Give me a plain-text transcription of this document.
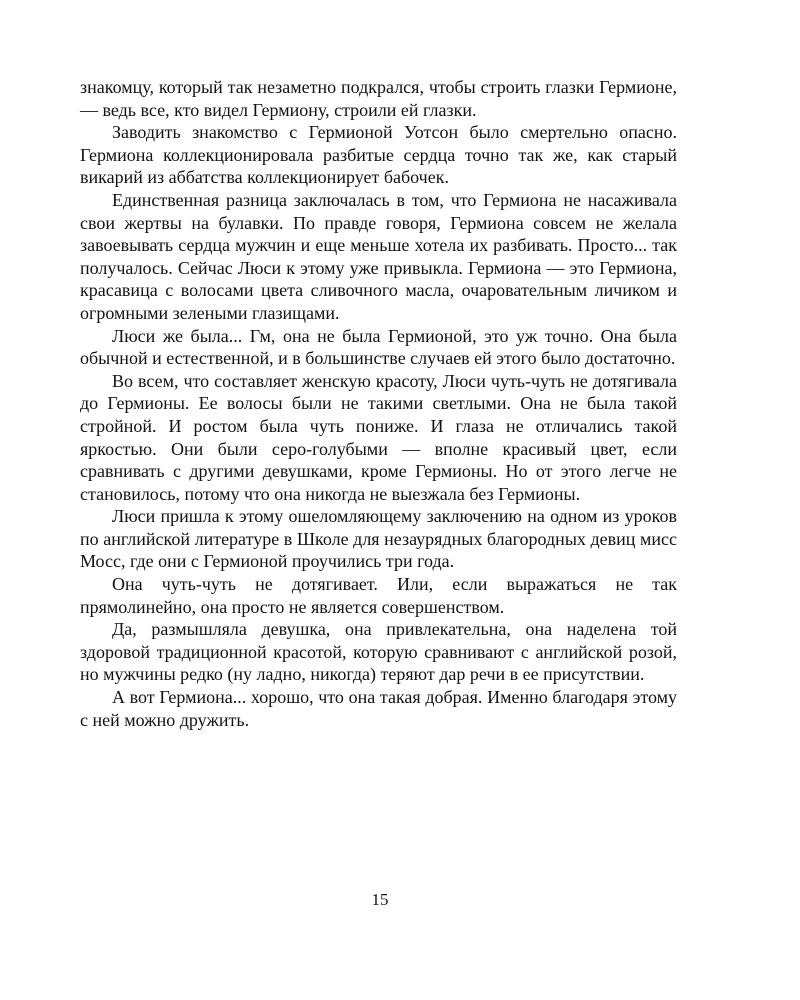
знакомцу, который так незаметно подкрался, чтобы строить глазки Гермионе, — ведь все, кто видел Гермиону, строили ей глазки.

Заводить знакомство с Гермионой Уотсон было смертельно опасно. Гермиона коллекционировала разбитые сердца точно так же, как старый викарий из аббатства коллекционирует бабочек.

Единственная разница заключалась в том, что Гермиона не насаживала свои жертвы на булавки. По правде говоря, Гермиона совсем не желала завоевывать сердца мужчин и еще меньше хотела их разбивать. Просто... так получалось. Сейчас Люси к этому уже привыкла. Гермиона — это Гермиона, красавица с волосами цвета сливочного масла, очаровательным личиком и огромными зелеными глазищами.

Люси же была... Гм, она не была Гермионой, это уж точно. Она была обычной и естественной, и в большинстве случаев ей этого было достаточно.

Во всем, что составляет женскую красоту, Люси чуть-чуть не дотягивала до Гермионы. Ее волосы были не такими светлыми. Она не была такой стройной. И ростом была чуть пониже. И глаза не отличались такой яркостью. Они были серо-голубыми — вполне красивый цвет, если сравнивать с другими девушками, кроме Гермионы. Но от этого легче не становилось, потому что она никогда не выезжала без Гермионы.

Люси пришла к этому ошеломляющему заключению на одном из уроков по английской литературе в Школе для незаурядных благородных девиц мисс Мосс, где они с Гермионой проучились три года.

Она чуть-чуть не дотягивает. Или, если выражаться не так прямолинейно, она просто не является совершенством.

Да, размышляла девушка, она привлекательна, она наделена той здоровой традиционной красотой, которую сравнивают с английской розой, но мужчины редко (ну ладно, никогда) теряют дар речи в ее присутствии.

А вот Гермиона... хорошо, что она такая добрая. Именно благодаря этому с ней можно дружить.

15
